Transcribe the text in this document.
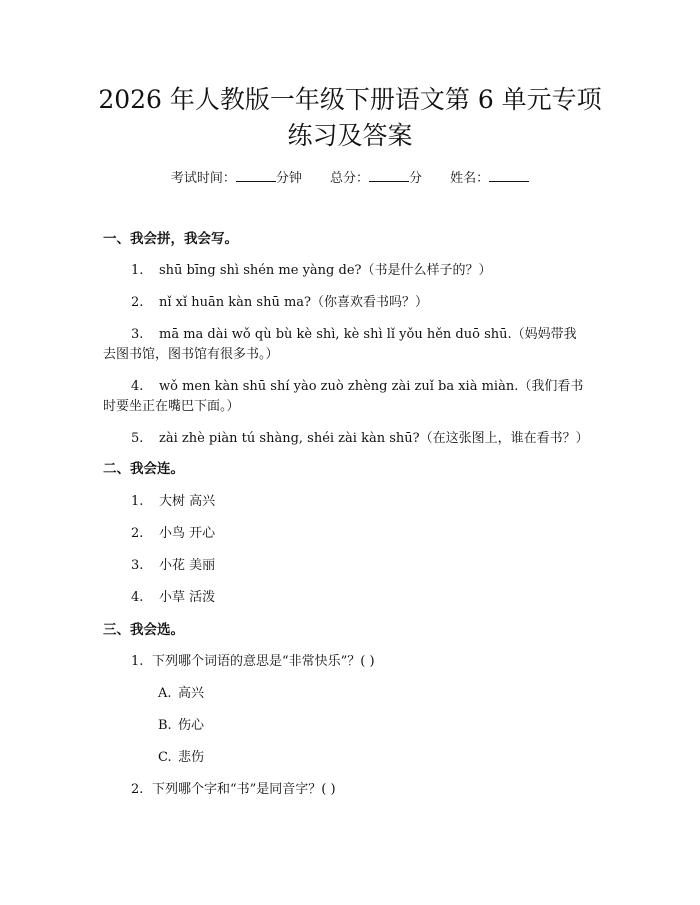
2026 年人教版一年级下册语文第 6 单元专项
练习及答案
考试时间：	分钟 总分：	分 姓名：
一、我会拼，我会写。
1. shū bīng shì shén me yàng de?（书是什么样子的？）
2. nǐ xǐ huān kàn shū ma?（你喜欢看书吗？）
3. mā ma dài wǒ qù bù kè shì, kè shì lǐ yǒu hěn duō shū.（妈妈带我
去图书馆，图书馆有很多书。）
4. wǒ men kàn shū shí yào zuò zhèng zài zuǐ ba xià miàn.（我们看书
时要坐正在嘴巴下面。）
5. zài zhè piàn tú shàng, shéi zài kàn shū?（在这张图上，谁在看书？）
二、我会连。
1. 大树 高兴
2. 小鸟 开心
3. 小花 美丽
4. 小草 活泼
三、我会选。
1. 下列哪个词语的意思是“非常快乐”？( )
A. 高兴
B. 伤心
C. 悲伤
2. 下列哪个字和“书”是同音字？( )
